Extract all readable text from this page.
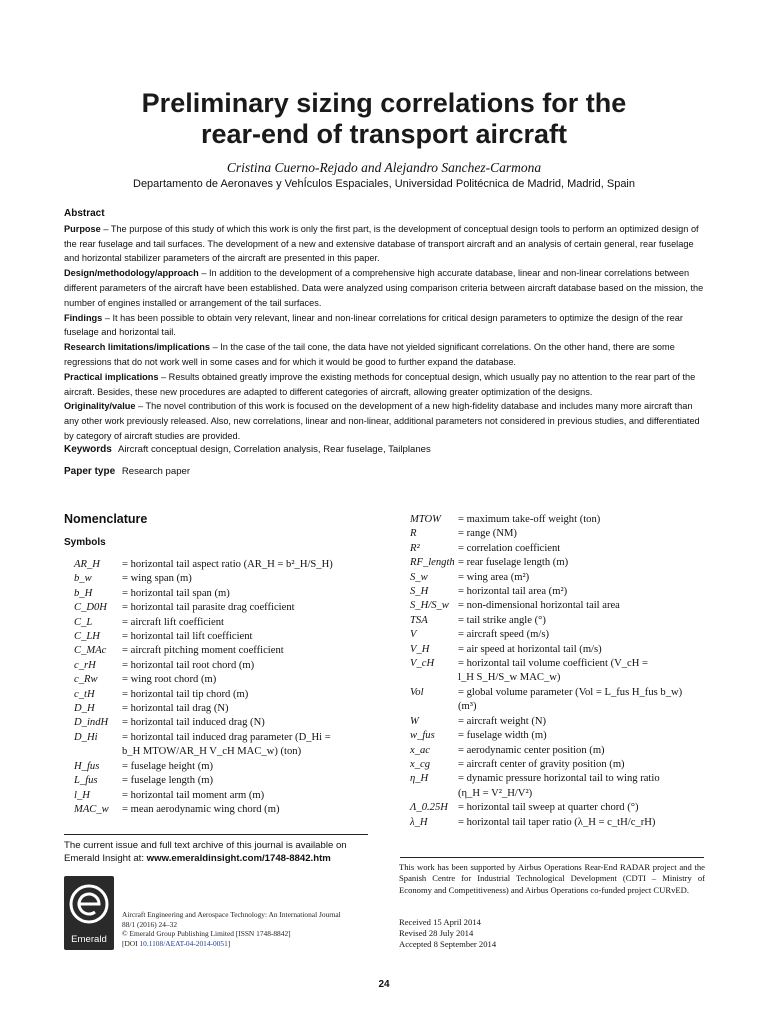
Preliminary sizing correlations for the
rear-end of transport aircraft
Cristina Cuerno-Rejado and Alejandro Sanchez-Carmona
Departamento de Aeronaves y VehÍculos Espaciales, Universidad Politécnica de Madrid, Madrid, Spain
Abstract

Purpose – The purpose of this study of which this work is only the first part, is the development of conceptual design tools to perform an optimized design of the rear fuselage and tail surfaces. The development of a new and extensive database of transport aircraft and an analysis of certain general, rear fuselage and horizontal stabilizer parameters of the aircraft are presented in this paper.

Design/methodology/approach – In addition to the development of a comprehensive high accurate database, linear and non-linear correlations between different parameters of the aircraft have been established. Data were analyzed using comparison criteria between aircraft database based on the mission, the number of engines installed or arrangement of the tail surfaces.

Findings – It has been possible to obtain very relevant, linear and non-linear correlations for critical design parameters to optimize the design of the rear fuselage and horizontal tail.

Research limitations/implications – In the case of the tail cone, the data have not yielded significant correlations. On the other hand, there are some regressions that do not work well in some cases and for which it would be good to further expand the database.

Practical implications – Results obtained greatly improve the existing methods for conceptual design, which usually pay no attention to the rear part of the aircraft. Besides, these new procedures are adapted to different categories of aircraft, allowing greater optimization of the designs.

Originality/value – The novel contribution of this work is focused on the development of a new high-fidelity database and includes many more aircraft than any other work previously released. Also, new correlations, linear and non-linear, additional parameters not considered in previous studies, and differentiated by category of aircraft studies are provided.

Keywords Aircraft conceptual design, Correlation analysis, Rear fuselage, Tailplanes
Paper type Research paper
Nomenclature
Symbols
AR_H	= horizontal tail aspect ratio (AR_H = b²_H/S_H)
b_w	= wing span (m)
b_H	= horizontal tail span (m)
C_D0H	= horizontal tail parasite drag coefficient
C_L	= aircraft lift coefficient
C_LH	= horizontal tail lift coefficient
C_MAc	= aircraft pitching moment coefficient
c_rH	= horizontal tail root chord (m)
c_Rw	= wing root chord (m)
c_tH	= horizontal tail tip chord (m)
D_H	= horizontal tail drag (N)
D_indH	= horizontal tail induced drag (N)
D_Hi	= horizontal tail induced drag parameter (D_Hi =
b_H MTOW/AR_H V_cH MAC_w) (ton)
H_fus	= fuselage height (m)
L_fus	= fuselage length (m)
l_H	= horizontal tail moment arm (m)
MAC_w	= mean aerodynamic wing chord (m)
MTOW	= maximum take-off weight (ton)
R	= range (NM)
R²	= correlation coefficient
RF_length = rear fuselage length (m)
S_w	= wing area (m²)
S_H	= horizontal tail area (m²)
S_H/S_w = non-dimensional horizontal tail area
TSA	= tail strike angle (°)
V	= aircraft speed (m/s)
V_H	= air speed at horizontal tail (m/s)
V_cH	= horizontal tail volume coefficient (V_cH =
l_H S_H/S_w MAC_w)
Vol	= global volume parameter (Vol = L_fus H_fus b_w)
(m³)
W	= aircraft weight (N)
w_fus	= fuselage width (m)
x_ac	= aerodynamic center position (m)
x_cg	= aircraft center of gravity position (m)
η_H	= dynamic pressure horizontal tail to wing ratio
(η_H = V²_H/V²)
Λ_0.25H = horizontal tail sweep at quarter chord (°)
λ_H	= horizontal tail taper ratio (λ_H = c_tH/c_rH)
The current issue and full text archive of this journal is available on Emerald Insight at: www.emeraldinsight.com/1748-8842.htm
Emerald
Aircraft Engineering and Aerospace Technology: An International Journal
88/1 (2016) 24–32
© Emerald Group Publishing Limited [ISSN 1748-8842]
[DOI 10.1108/AEAT-04-2014-0051]
This work has been supported by Airbus Operations Rear-End RADAR project and the Spanish Centre for Industrial Technological Development (CDTI – Ministry of Economy and Competitiveness) and Airbus Operations co-funded project CURvED.
Received 15 April 2014
Revised 28 July 2014
Accepted 8 September 2014
24
